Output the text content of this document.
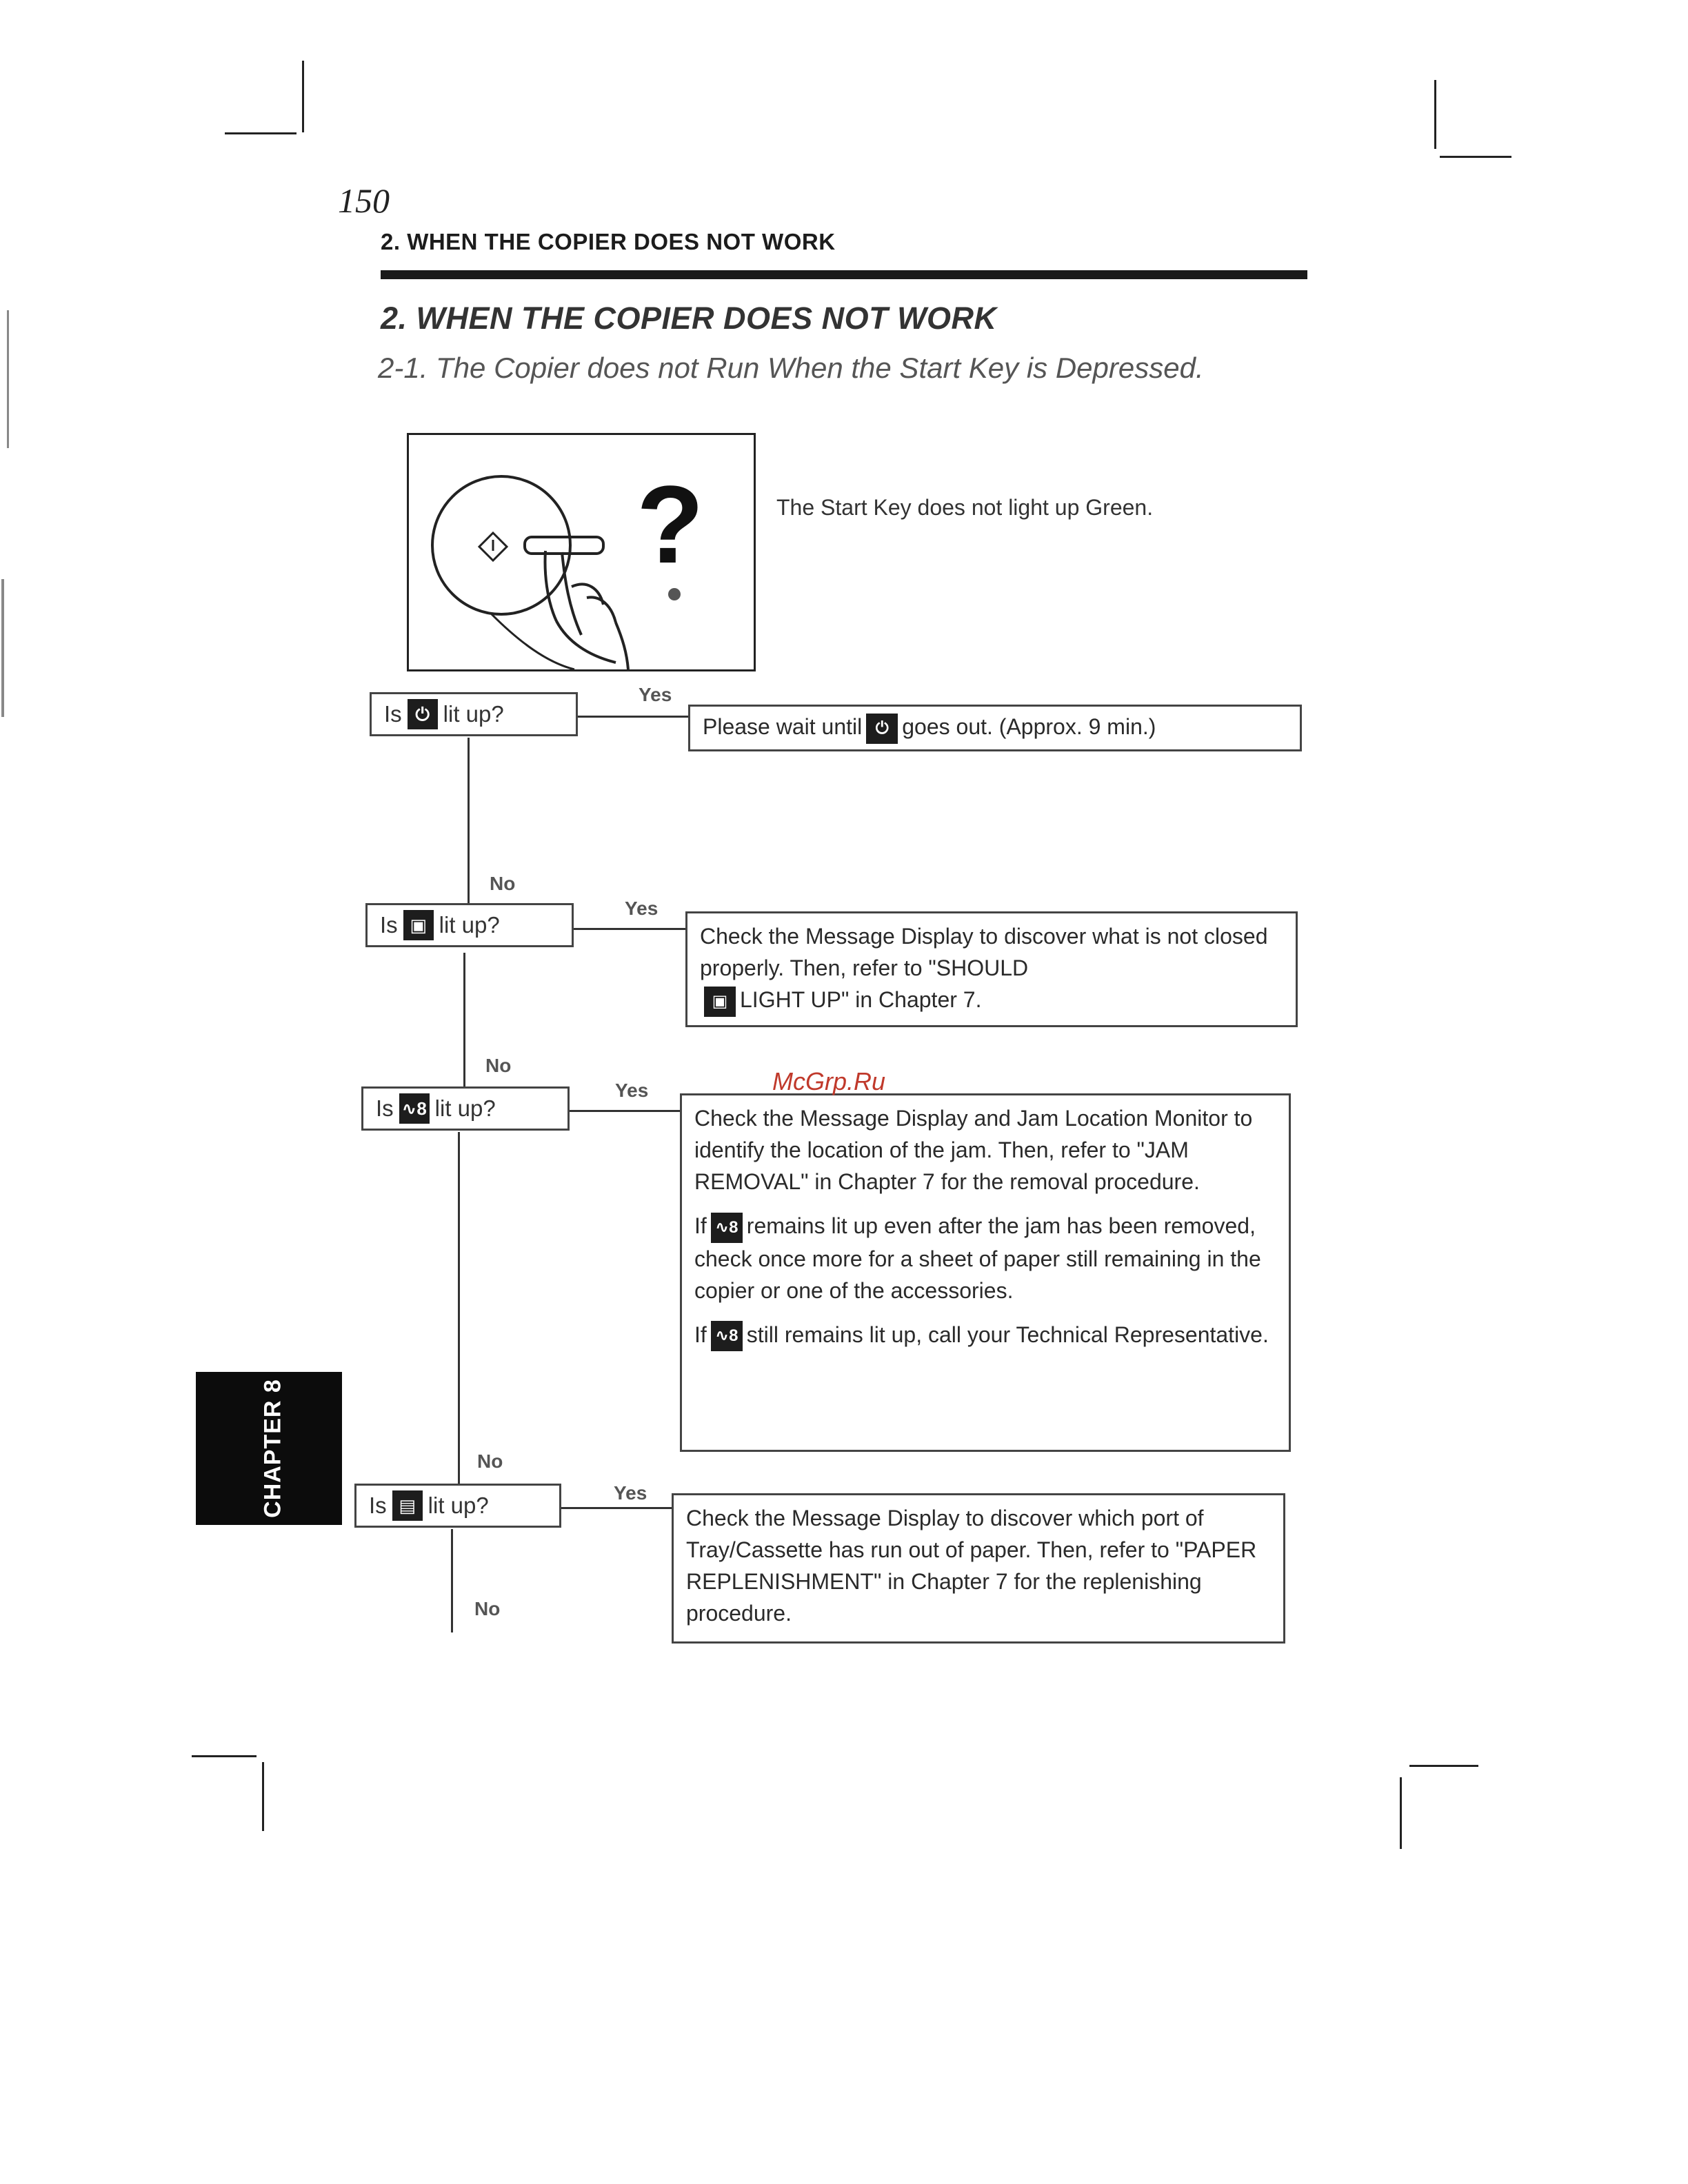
150
2. WHEN THE COPIER DOES NOT WORK
2. WHEN THE COPIER DOES NOT WORK
2-1. The Copier does not Run When the Start Key is Depressed.
?	The Start Key does not light up Green.
Yes
Yes
Yes
Yes
No
No
No
No
Is ⏻ lit up?	Please wait until ⏻ goes out. (Approx. 9 min.)
Is ▣ lit up?	Check the Message Display to discover what is not closed properly. Then, refer to "SHOULD
▣ LIGHT UP" in Chapter 7.
Is ∿8 lit up?	Check the Message Display and Jam Location Monitor to identify the location of the jam. Then, refer to "JAM REMOVAL" in Chapter 7 for the removal procedure.

If ∿8 remains lit up even after the jam has been removed, check once more for a sheet of paper still remaining in the copier or one of the accessories.

If ∿8 still remains lit up, call your Technical Representative.

Is ▤ lit up?	Check the Message Display to discover which port of Tray/Cassette has run out of paper. Then, refer to "PAPER REPLENISHMENT" in Chapter 7 for the replenishing procedure.
McGrp.Ru
CHAPTER 8
